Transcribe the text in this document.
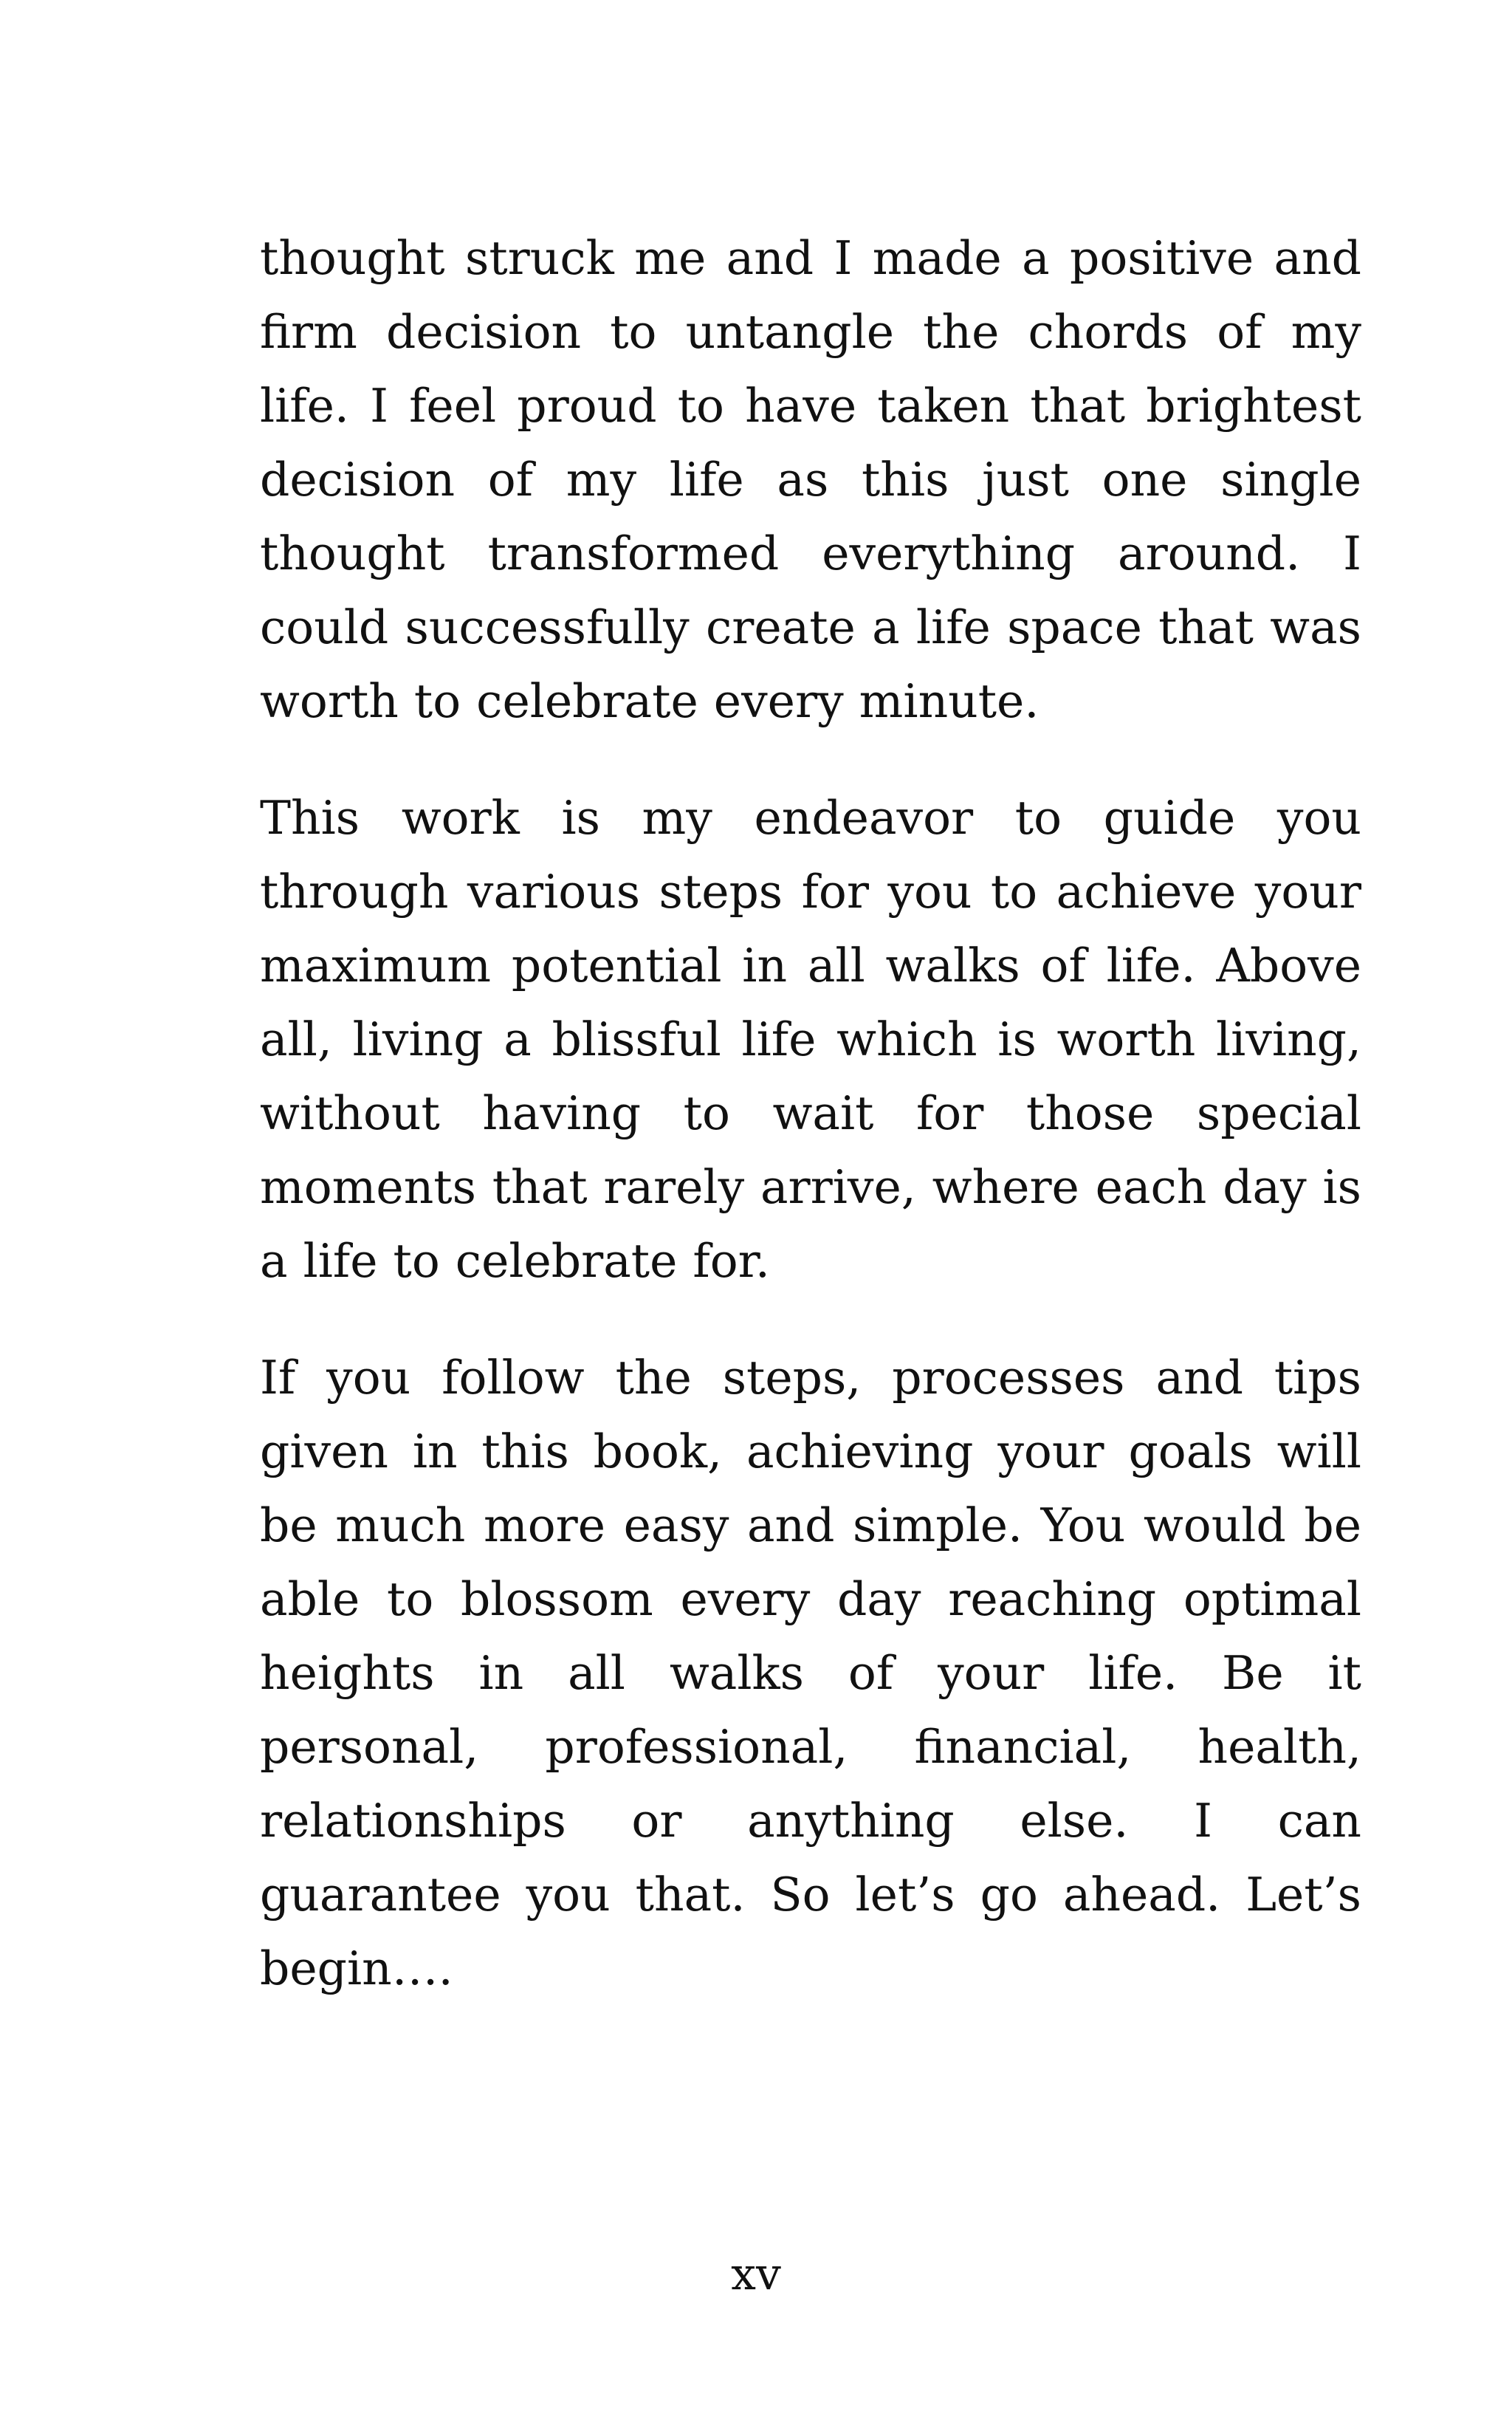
thought struck me and I made a positive and firm decision to untangle the chords of my life. I feel proud to have taken that brightest decision of my life as this just one single thought transformed everything around. I could successfully create a life space that was worth to celebrate every minute.

This work is my endeavor to guide you through various steps for you to achieve your maximum potential in all walks of life. Above all, living a blissful life which is worth living, without having to wait for those special moments that rarely arrive, where each day is a life to celebrate for.

If you follow the steps, processes and tips given in this book, achieving your goals will be much more easy and simple. You would be able to blossom every day reaching optimal heights in all walks of your life. Be it personal, professional, financial, health, relationships or anything else. I can guarantee you that. So let’s go ahead. Let’s begin….

xv
